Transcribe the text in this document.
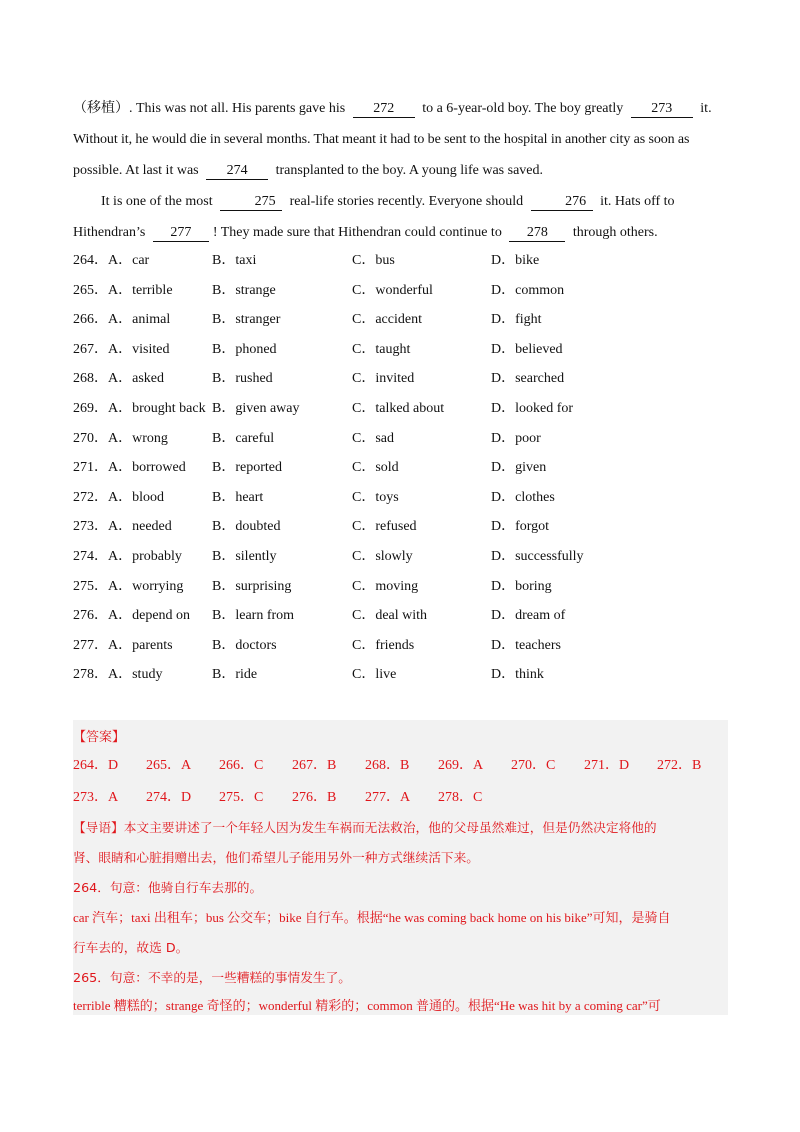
（移植）. This was not all. His parents gave his 272 to a 6-year-old boy. The boy greatly 273 it.

Without it, he would die in several months. That meant it had to be sent to the hospital in another city as soon as

possible. At last it was 274 transplanted to the boy. A young life was saved.

It is one of the most	275 real-life stories recently. Everyone should	276 it. Hats off to

Hithendran’s 277 ! They made sure that Hithendran could continue to 278 through others.

264．A．car	B．taxi	C．bus	D．bike
265．A．terrible	B．strange	C．wonderful	D．common
266．A．animal	B．stranger	C．accident	D．fight
267．A．visited	B．phoned	C．taught	D．believed
268．A．asked	B．rushed	C．invited	D．searched
269．A．brought back B．given away	C．talked about	D．looked for
270．A．wrong	B．careful	C．sad	D．poor
271．A．borrowed B．reported	C．sold	D．given
272．A．blood	B．heart	C．toys	D．clothes
273．A．needed	B．doubted	C．refused	D．forgot
274．A．probably B．silently	C．slowly	D．successfully
275．A．worrying B．surprising	C．moving	D．boring
276．A．depend on B．learn from	C．deal with	D．dream of
277．A．parents	B．doctors	C．friends	D．teachers
278．A．study	B．ride	C．live	D．think
【答案】
264．D 265．A 266．C 267．B 268．B 269．A 270．C 271．D 272．B
273．A 274．D 275．C 276．B 277．A 278．C
【导语】本文主要讲述了一个年轻人因为发生车祸而无法救治，他的父母虽然难过，但是仍然决定将他的
肾、眼睛和心脏捐赠出去，他们希望儿子能用另外一种方式继续活下来。
264．句意：他骑自行车去那的。
car 汽车；taxi 出租车；bus 公交车；bike 自行车。根据“he was coming back home on his bike”可知，是骑自
行车去的，故选 D。
265．句意：不幸的是，一些糟糕的事情发生了。
terrible 糟糕的；strange 奇怪的；wonderful 精彩的；common 普通的。根据“He was hit by a coming car”可
